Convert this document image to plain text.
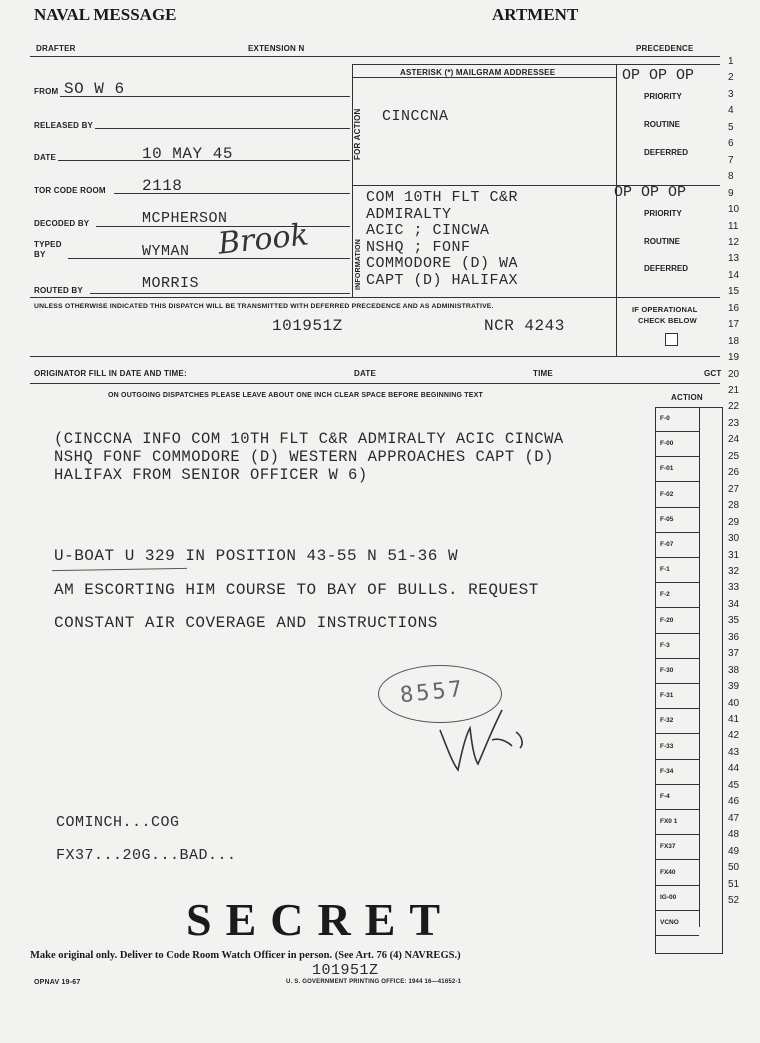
NAVAL MESSAGE	ARTMENT
DRAFTER	EXTENSION N	PRECEDENCE
FROM SO W 6
RELEASED BY
DATE	10 MAY 45
TOR CODE ROOM 2118
DECODED BY	MCPHERSON
TYPED BY	WYMAN Brook
ROUTED BY	MORRIS
ASTERISK (*) MAILGRAM ADDRESSEE
FOR ACTION CINCCNA
INFORMATION
COM 10TH FLT C&R
ADMIRALTY
ACIC ; CINCWA
NSHQ ; FONF
COMMODORE (D) WA
CAPT (D) HALIFAX
OP OP OP
PRIORITY
ROUTINE
DEFERRED
OP OP OP
PRIORITY
ROUTINE
DEFERRED
UNLESS OTHERWISE INDICATED THIS DISPATCH WILL BE TRANSMITTED WITH DEFERRED PRECEDENCE AND AS ADMINISTRATIVE.	IF OPERATIONAL
CHECK BELOW
101951Z	NCR 4243
ORIGINATOR FILL IN DATE AND TIME:	DATE	TIME	GCT
ON OUTGOING DISPATCHES PLEASE LEAVE ABOUT ONE INCH CLEAR SPACE BEFORE BEGINNING TEXT	ACTION
F-0
F-00
F-01
F-02
F-05
F-07
F-1
F-2
F-20
F-3
F-30
F-31
F-32
F-33
F-34
F-4
FX0 1
FX37
FX40
IG-00
VCNO
1
2
3
4
5
6
7
8
9
10
11
12
13
14
15
16
17
18
19
20
21
22
23
24
25
26
27
28
29
30
31
32
33
34
35
36
37
38
39
40
41
42
43
44
45
46
47
48
49
50
51
52
(CINCCNA INFO COM 10TH FLT C&R ADMIRALTY ACIC CINCWA
NSHQ FONF COMMODORE (D) WESTERN APPROACHES CAPT (D)
HALIFAX FROM SENIOR OFFICER W 6)
U-BOAT U 329 IN POSITION 43-55 N 51-36 W
AM ESCORTING HIM COURSE TO BAY OF BULLS. REQUEST
CONSTANT AIR COVERAGE AND INSTRUCTIONS
8557
COMINCH...COG
FX37...20G...BAD...
SECRET
Make original only. Deliver to Code Room Watch Officer in person. (See Art. 76 (4) NAVREGS.)
101951Z
OPNAV 19-67	U. S. GOVERNMENT PRINTING OFFICE: 1944 16—41652-1
